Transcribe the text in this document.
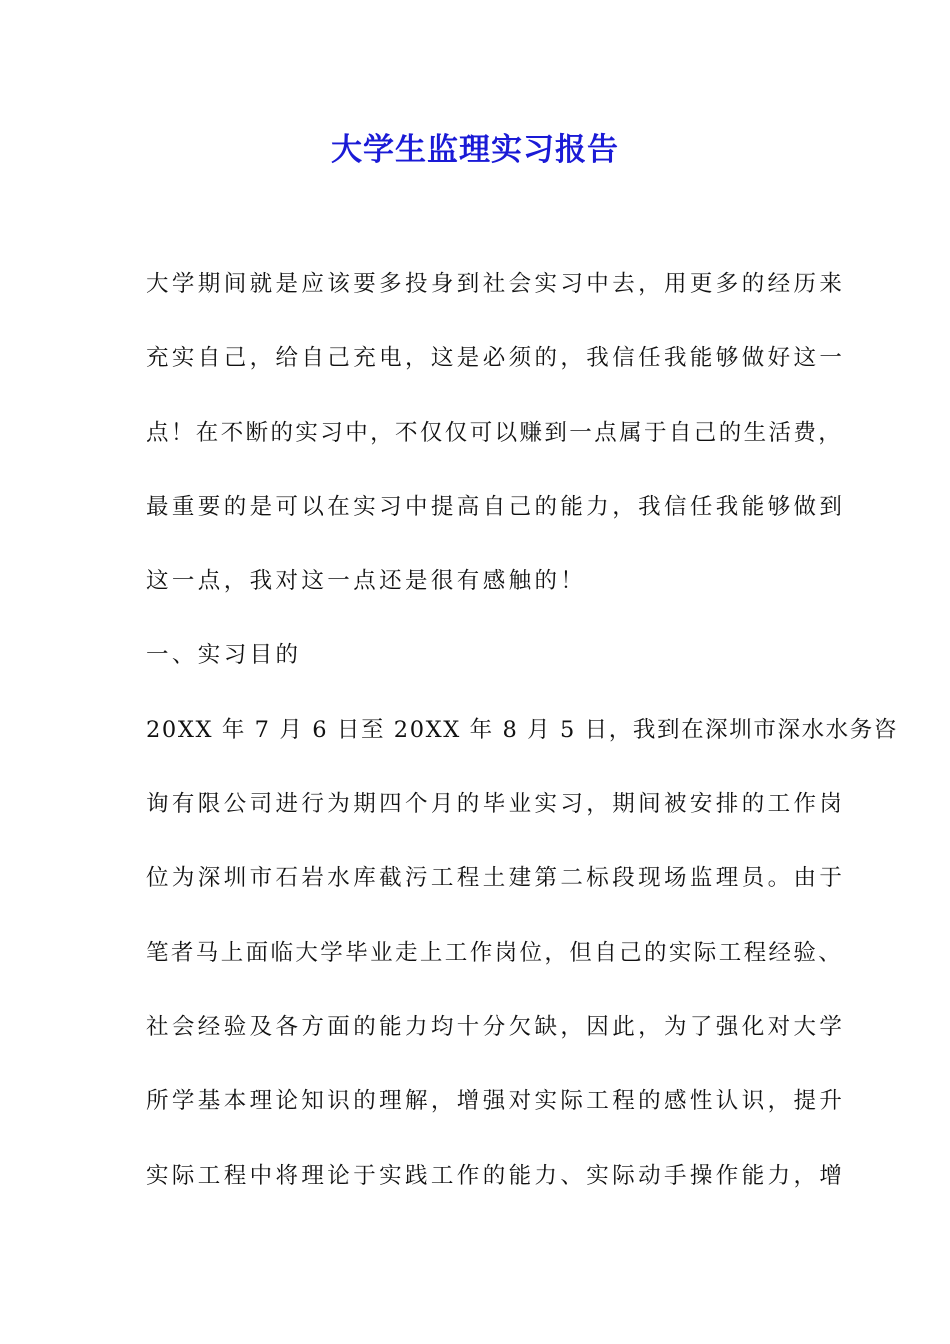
大学生监理实习报告
大学期间就是应该要多投身到社会实习中去，用更多的经历来
充实自己，给自己充电，这是必须的，我信任我能够做好这一
点！在不断的实习中，不仅仅可以赚到一点属于自己的生活费，
最重要的是可以在实习中提高自己的能力，我信任我能够做到
这一点，我对这一点还是很有感触的！
一、实习目的
20XX 年 7 月 6 日至 20XX 年 8 月 5 日，我到在深圳市深水水务咨
询有限公司进行为期四个月的毕业实习，期间被安排的工作岗
位为深圳市石岩水库截污工程土建第二标段现场监理员。由于
笔者马上面临大学毕业走上工作岗位，但自己的实际工程经验、
社会经验及各方面的能力均十分欠缺，因此，为了强化对大学
所学基本理论知识的理解，增强对实际工程的感性认识，提升
实际工程中将理论于实践工作的能力、实际动手操作能力，增
